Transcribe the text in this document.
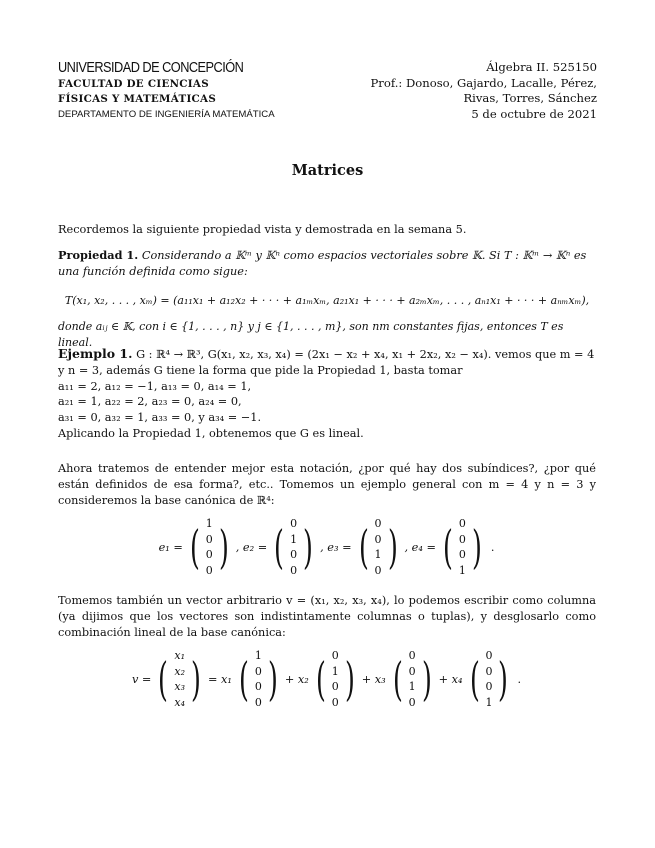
UNIVERSIDAD DE CONCEPCIÓN
FACULTAD DE CIENCIAS
FÍSICAS Y MATEMÁTICAS
DEPARTAMENTO DE INGENIERÍA MATEMÁTICA
Álgebra II. 525150
Prof.: Donoso, Gajardo, Lacalle, Pérez,
Rivas, Torres, Sánchez
5 de octubre de 2021
Matrices
Recordemos la siguiente propiedad vista y demostrada en la semana 5.
Propiedad 1. Considerando a 𝕂ᵐ y 𝕂ⁿ como espacios vectoriales sobre 𝕂. Si T : 𝕂ᵐ → 𝕂ⁿ es una función definida como sigue:
T(x₁, x₂, . . . , xₘ) = (a₁₁x₁ + a₁₂x₂ + · · · + a₁ₘxₘ, a₂₁x₁ + · · · + a₂ₘxₘ, . . . , aₙ₁x₁ + · · · + aₙₘxₘ),
donde aᵢⱼ ∈ 𝕂, con i ∈ {1, . . . , n} y j ∈ {1, . . . , m}, son nm constantes fijas, entonces T es lineal.
Ejemplo 1. G : ℝ⁴ → ℝ³, G(x₁, x₂, x₃, x₄) = (2x₁ − x₂ + x₄, x₁ + 2x₂, x₂ − x₄). vemos que m = 4
y n = 3, además G tiene la forma que pide la Propiedad 1, basta tomar
a₁₁ = 2, a₁₂ = −1, a₁₃ = 0, a₁₄ = 1,
a₂₁ = 1, a₂₂ = 2, a₂₃ = 0, a₂₄ = 0,
a₃₁ = 0, a₃₂ = 1, a₃₃ = 0, y a₃₄ = −1.
Aplicando la Propiedad 1, obtenemos que G es lineal.
Ahora tratemos de entender mejor esta notación, ¿por qué hay dos subíndices?, ¿por qué están definidos de esa forma?, etc.. Tomemos un ejemplo general con m = 4 y n = 3 y consideremos la base canónica de ℝ⁴:
e₁ = ( 1
0
0
0 ) , e₂ = ( 0
1
0
0 ) , e₃ = ( 0
0
1
0 ) , e₄ = ( 0
0
0
1 ) .
Tomemos también un vector arbitrario v = (x₁, x₂, x₃, x₄), lo podemos escribir como columna (ya dijimos que los vectores son indistintamente columnas o tuplas), y desglosarlo como combinación lineal de la base canónica:
v = ( x₁
x₂
x₃
x₄ ) = x₁ ( 1
0
0
0 ) + x₂ ( 0
1
0
0 ) + x₃ ( 0
0
1
0 ) + x₄ ( 0
0
0
1 ) .
